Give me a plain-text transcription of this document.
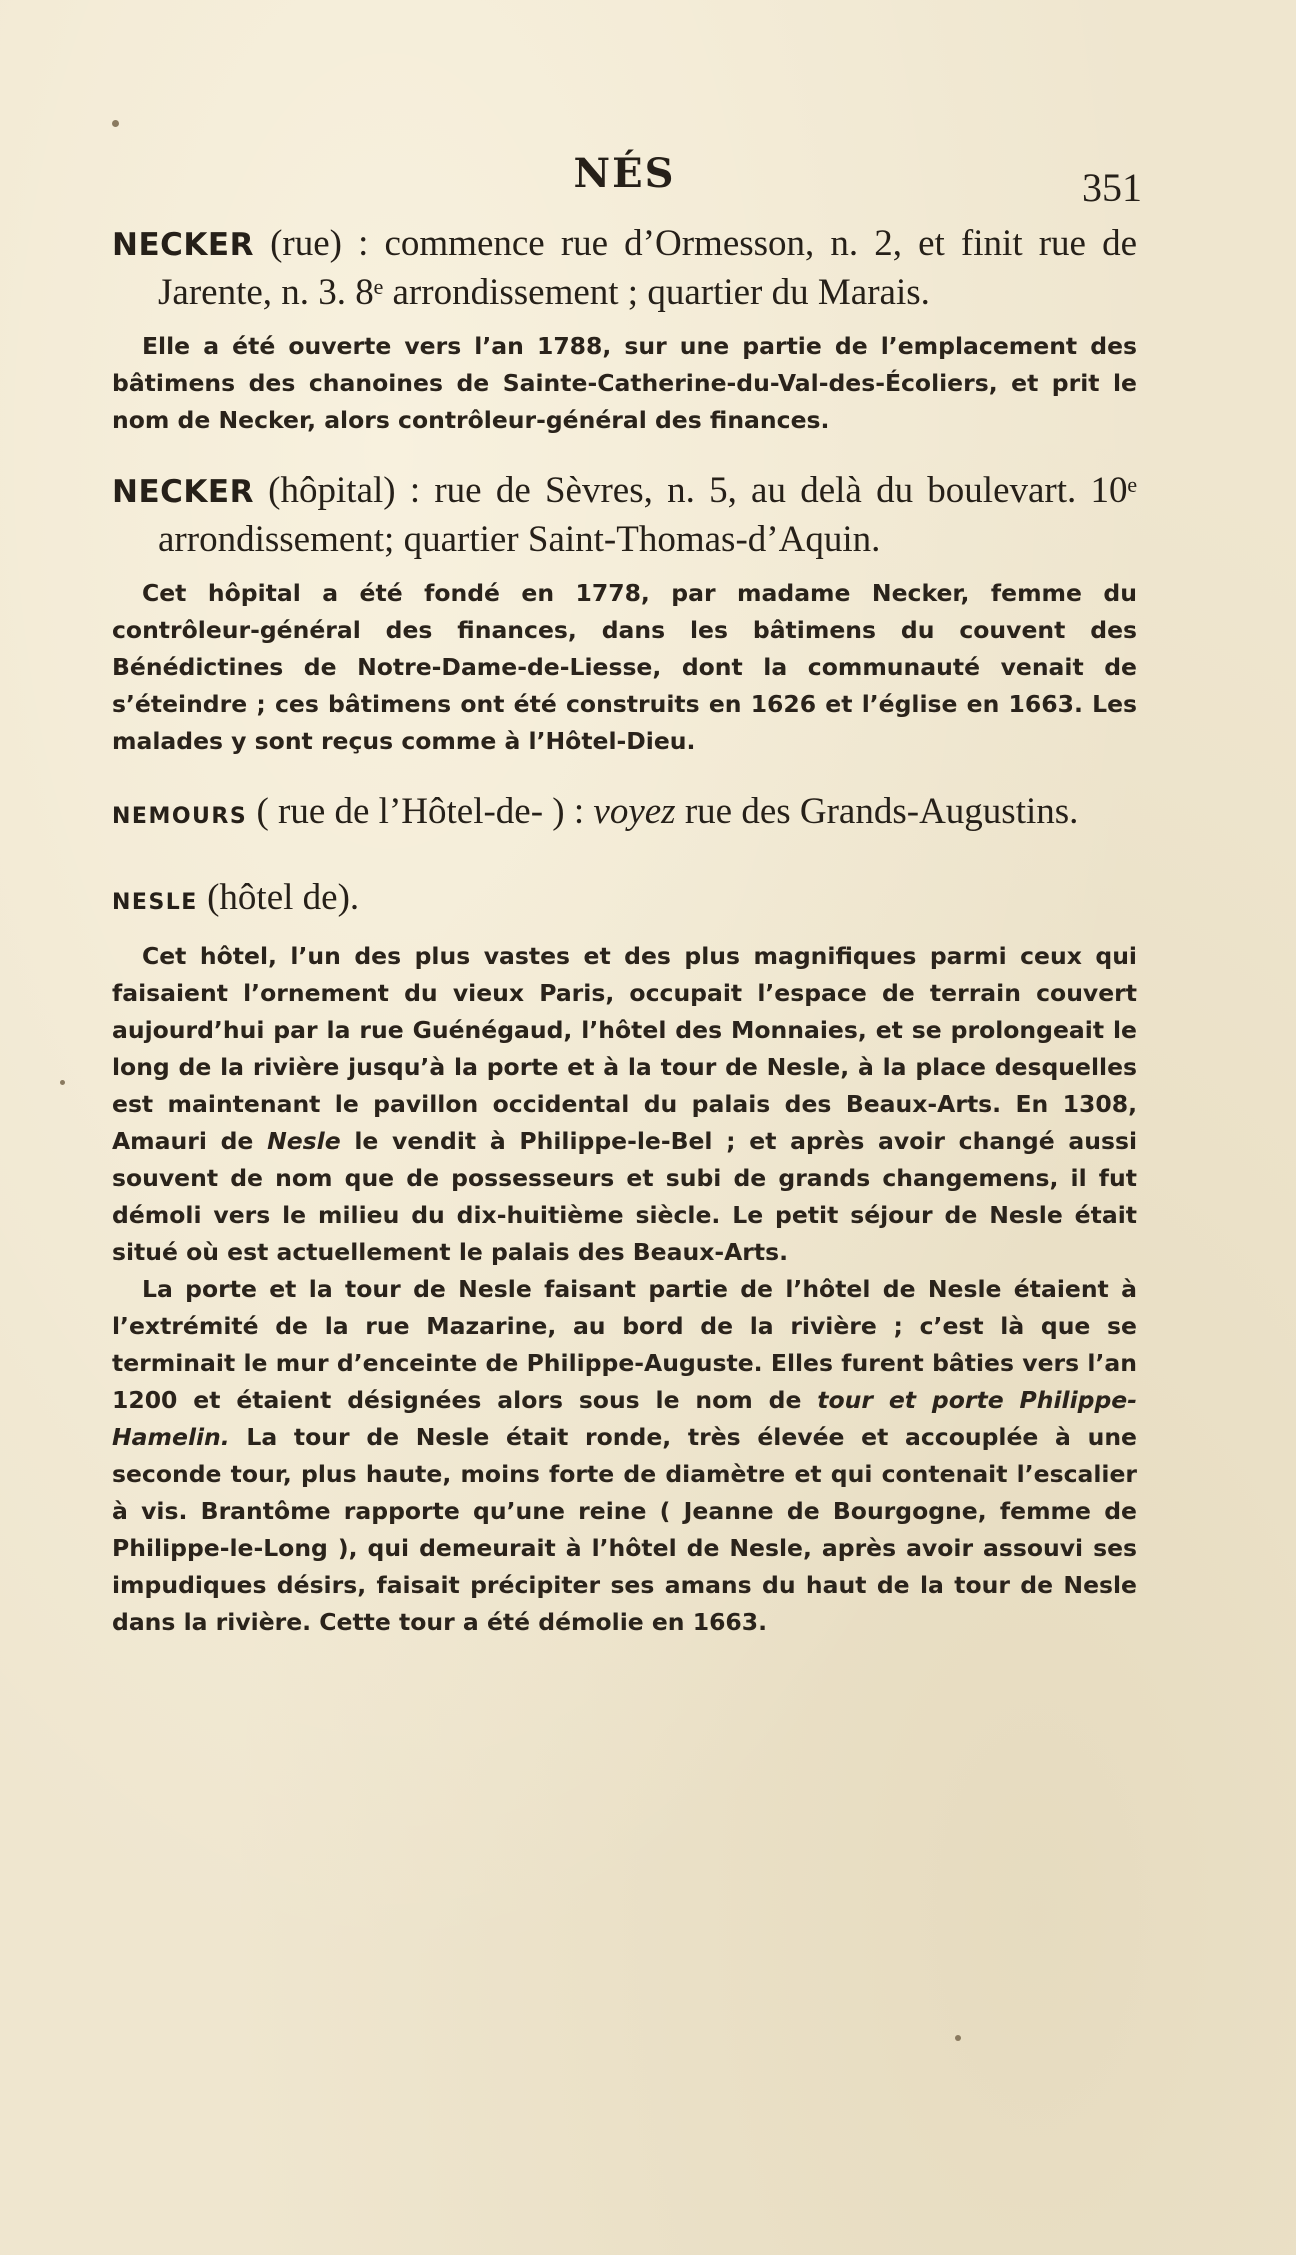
NÉS	351
NECKER (rue) : commence rue d’Ormesson, n. 2, et finit rue de Jarente, n. 3. 8ᵉ arrondissement ; quartier du Marais.

Elle a été ouverte vers l’an 1788, sur une partie de l’emplacement des bâtimens des chanoines de Sainte-Catherine-du-Val-des-Écoliers, et prit le nom de Necker, alors contrôleur-général des finances.

NECKER (hôpital) : rue de Sèvres, n. 5, au delà du boulevart. 10ᵉ arrondissement; quartier Saint-Thomas-d’Aquin.

Cet hôpital a été fondé en 1778, par madame Necker, femme du contrôleur-général des finances, dans les bâtimens du couvent des Bénédictines de Notre-Dame-de-Liesse, dont la communauté venait de s’éteindre ; ces bâtimens ont été construits en 1626 et l’église en 1663. Les malades y sont reçus comme à l’Hôtel-Dieu.

NEMOURS ( rue de l’Hôtel-de- ) : voyez rue des Grands-Augustins.
NESLE (hôtel de).

Cet hôtel, l’un des plus vastes et des plus magnifiques parmi ceux qui faisaient l’ornement du vieux Paris, occupait l’espace de terrain couvert aujourd’hui par la rue Guénégaud, l’hôtel des Monnaies, et se prolongeait le long de la rivière jusqu’à la porte et à la tour de Nesle, à la place desquelles est maintenant le pavillon occidental du palais des Beaux-Arts. En 1308, Amauri de Nesle le vendit à Philippe-le-Bel ; et après avoir changé aussi souvent de nom que de possesseurs et subi de grands changemens, il fut démoli vers le milieu du dix-huitième siècle. Le petit séjour de Nesle était situé où est actuellement le palais des Beaux-Arts.

La porte et la tour de Nesle faisant partie de l’hôtel de Nesle étaient à l’extrémité de la rue Mazarine, au bord de la rivière ; c’est là que se terminait le mur d’enceinte de Philippe-Auguste. Elles furent bâties vers l’an 1200 et étaient désignées alors sous le nom de tour et porte Philippe-Hamelin. La tour de Nesle était ronde, très élevée et accouplée à une seconde tour, plus haute, moins forte de diamètre et qui contenait l’escalier à vis. Brantôme rapporte qu’une reine ( Jeanne de Bourgogne, femme de Philippe-le-Long ), qui demeurait à l’hôtel de Nesle, après avoir assouvi ses impudiques désirs, faisait précipiter ses amans du haut de la tour de Nesle dans la rivière. Cette tour a été démolie en 1663.
